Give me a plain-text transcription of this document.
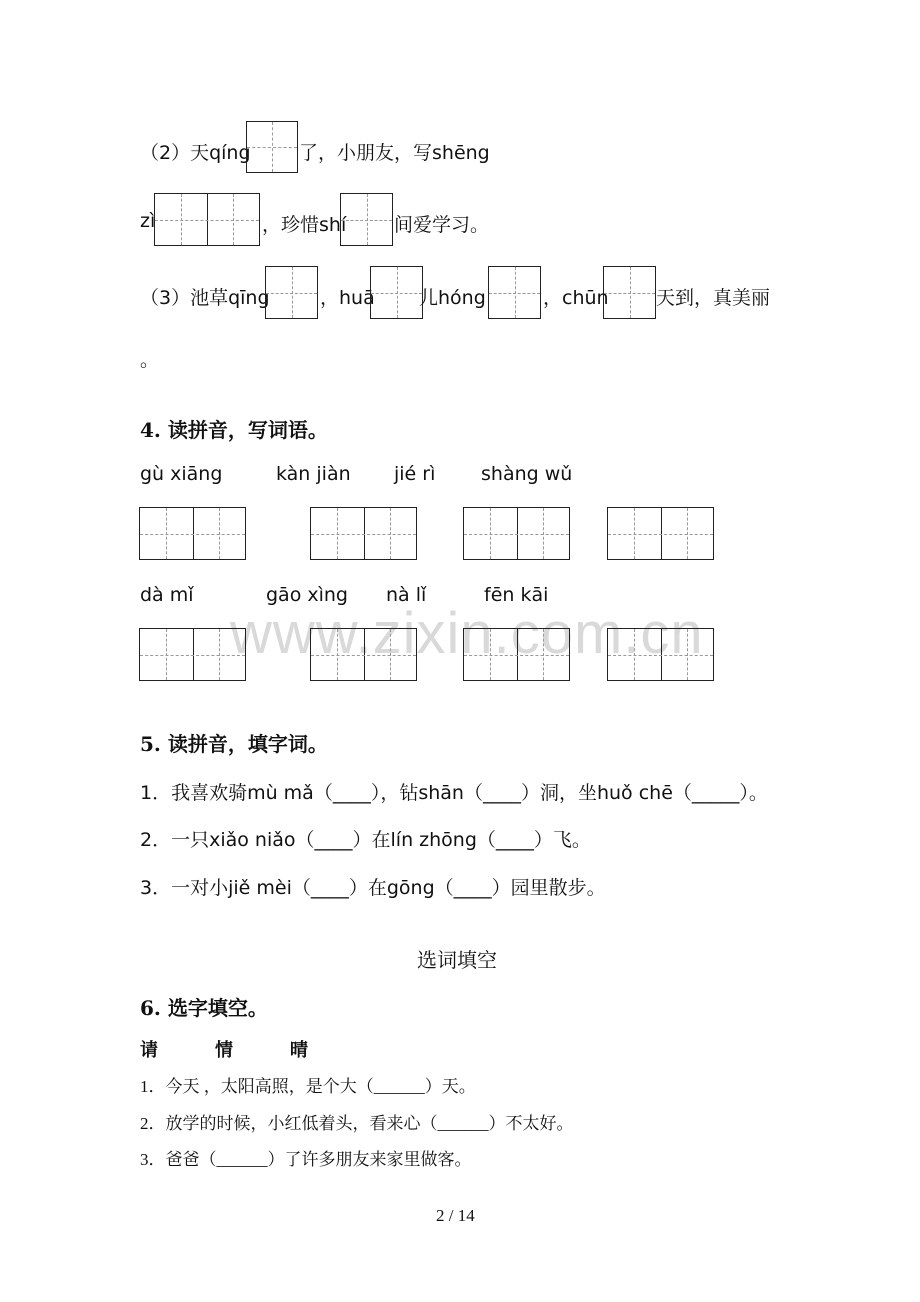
www.zixin.com.cn
（2）天qíng	了，小朋友，写shēng
zì	，珍惜shí	间爱学习。
（3）池草qīng	，huā 儿hóng	，chūn 天到，真美丽
。
4. 读拼音，写词语。
gù xiāng	kàn jiàn jié rì shàng wǔ
dà mǐ	gāo xìng nà lǐ	fēn kāi
5. 读拼音，填字词。
1．我喜欢骑mù mǎ（____），钻shān（____）洞，坐huǒ chē（_____）。
2．一只xiǎo niǎo（____）在lín zhōng（____）飞。
3．一对小jiě mèi（____）在gōng（____）园里散步。
选词填空
6. 选字填空。
请	情	晴
1．今天 ，太阳高照，是个大（______）天。
2．放学的时候，小红低着头，看来心（______）不太好。
3．爸爸（______）了许多朋友来家里做客。
2 / 14
